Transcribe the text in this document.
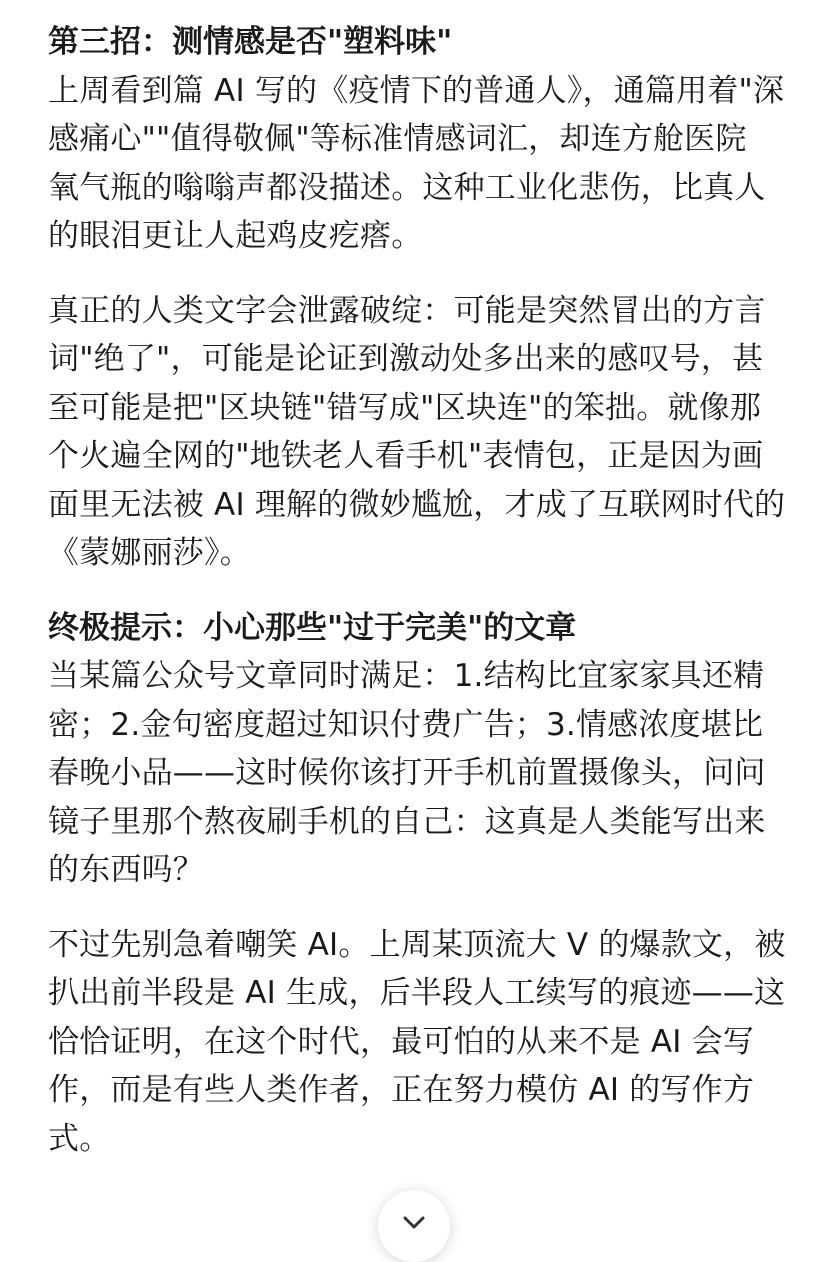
第三招：测情感是否"塑料味"
上周看到篇 AI 写的《疫情下的普通人》，通篇用着"深
感痛心""值得敬佩"等标准情感词汇，却连方舱医院
氧气瓶的嗡嗡声都没描述。这种工业化悲伤，比真人
的眼泪更让人起鸡皮疙瘩。
真正的人类文字会泄露破绽：可能是突然冒出的方言
词"绝了"，可能是论证到激动处多出来的感叹号，甚
至可能是把"区块链"错写成"区块连"的笨拙。就像那
个火遍全网的"地铁老人看手机"表情包，正是因为画
面里无法被 AI 理解的微妙尴尬，才成了互联网时代的
《蒙娜丽莎》。
终极提示：小心那些"过于完美"的文章
当某篇公众号文章同时满足：1.结构比宜家家具还精
密；2.金句密度超过知识付费广告；3.情感浓度堪比
春晚小品——这时候你该打开手机前置摄像头，问问
镜子里那个熬夜刷手机的自己：这真是人类能写出来
的东西吗？
不过先别急着嘲笑 AI。上周某顶流大 V 的爆款文，被
扒出前半段是 AI 生成，后半段人工续写的痕迹——这
恰恰证明，在这个时代，最可怕的从来不是 AI 会写
作，而是有些人类作者，正在努力模仿 AI 的写作方
式。
